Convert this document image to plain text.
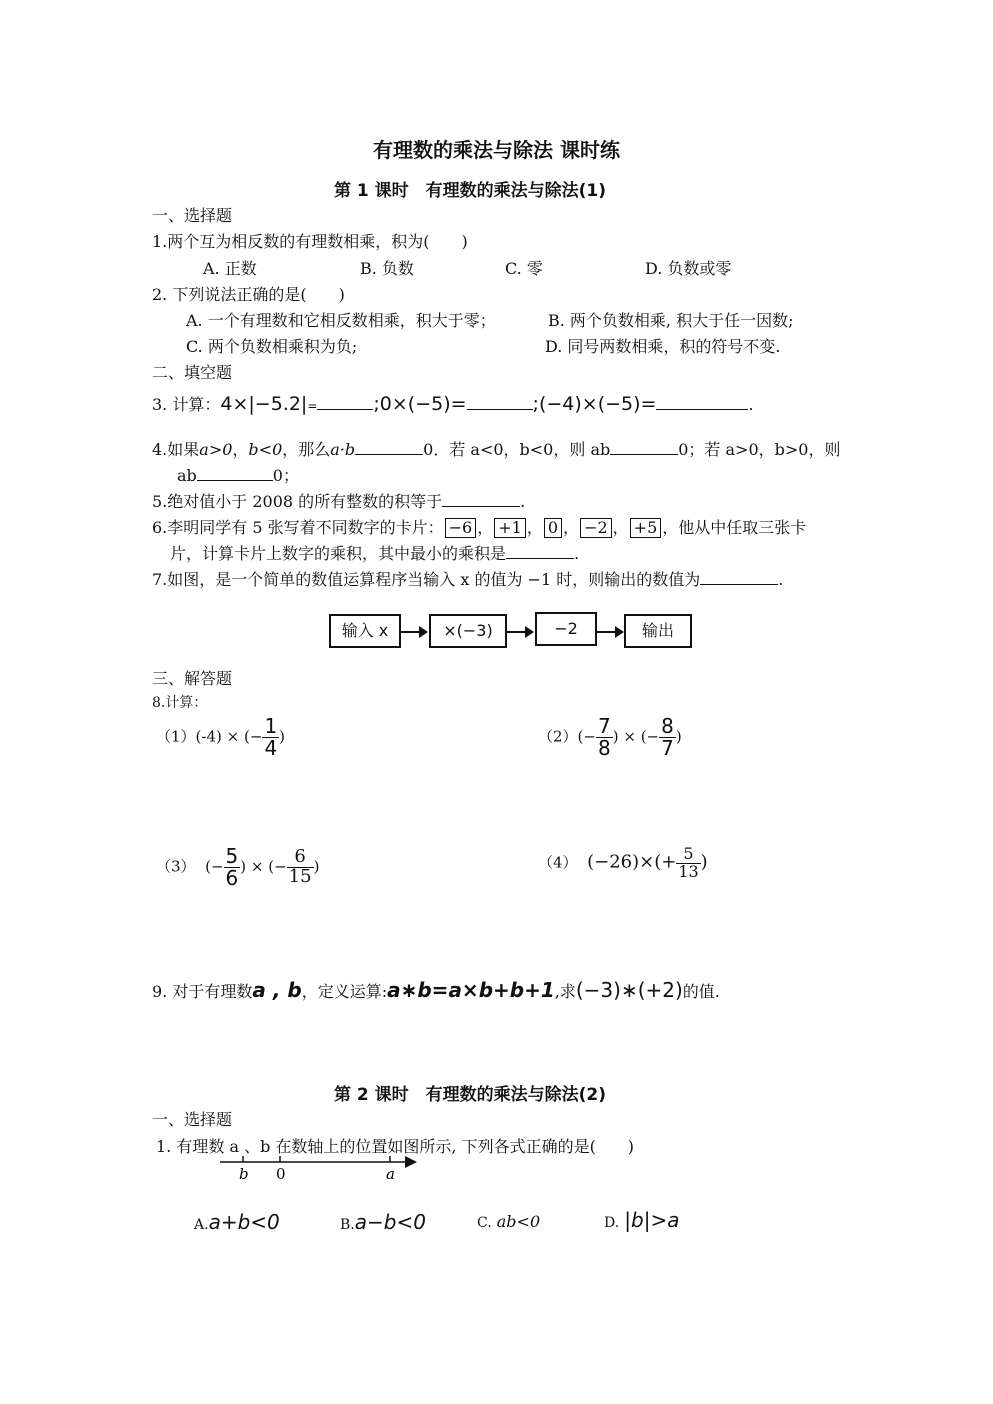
有理数的乘法与除法 课时练
第 1 课时　有理数的乘法与除法(1)
一、选择题
1.两个互为相反数的有理数相乘，积为(　　)
A. 正数	B. 负数	C. 零	D. 负数或零
2. 下列说法正确的是(　　)
A. 一个有理数和它相反数相乘，积大于零；	B. 两个负数相乘, 积大于任一因数;
C. 两个负数相乘积为负;	D. 同号两数相乘，积的符号不变.
二、填空题
3. 计算：4×|−5.2|=	;0×(−5)=	;(−4)×(−5)=	.
4.如果a>0，b<0，那么a·b	0．若 a<0，b<0，则 ab	0；若 a>0，b>0，则
ab	0；
5.绝对值小于 2008 的所有整数的积等于	.
6.李明同学有 5 张写着不同数字的卡片： −6 ， +1 ， 0 ， −2 ， +5 ，他从中任取三张卡
片，计算卡片上数字的乘积，其中最小的乘积是	.
7.如图，是一个简单的数值运算程序当输入 x 的值为 −1 时，则输出的数值为	.
输入 x	×(−3)	−2	输出
三、解答题
8.计算：
（1）(-4) × (− $\frac{1}{4}$ )	$(2)(- \frac{7}{8}$ ) × (− $\frac{8}{7}$ )
（3） (− $\frac{5}{6}$ ) × (− $\frac{6}{15}$ )	（4） $(-26)\times(+ \frac{5}{13}$ )
9. 对于有理数a , b，定义运算:a∗b=a×b+b+1,求(−3)∗(+2)的值.
第 2 课时　有理数的乘法与除法(2)
一、选择题
1. 有理数 a 、b 在数轴上的位置如图所示, 下列各式正确的是(　　)
b 0	a
A.a+b<0	B.a−b<0	C. ab<0	D. |b|>a
